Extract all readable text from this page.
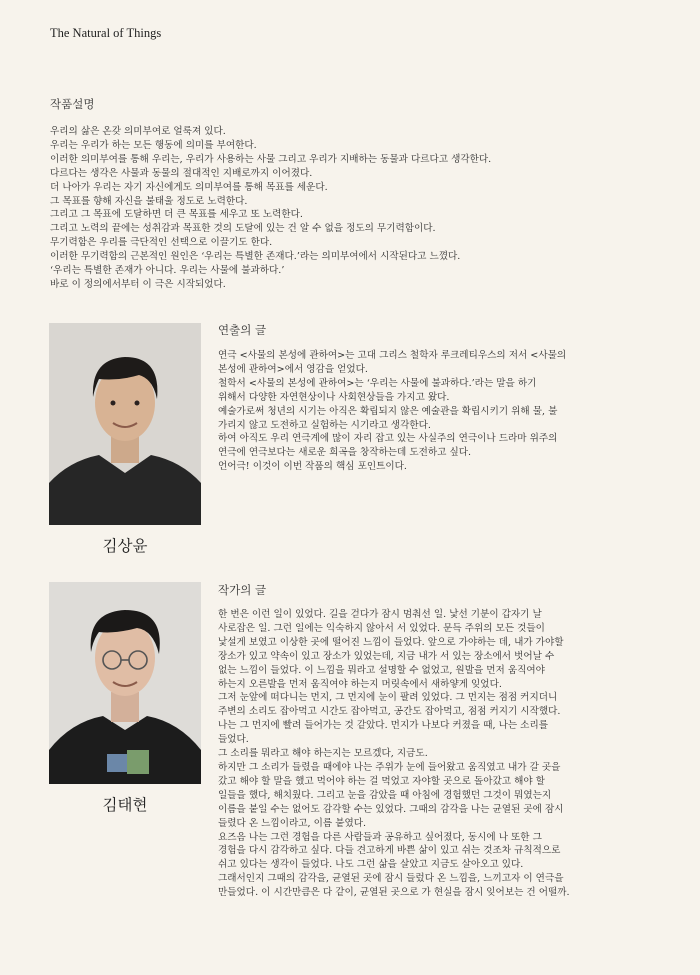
The Natural of Things
작품설명
우리의 삶은 온갖 의미부여로 얼룩져 있다.
우리는 우리가 하는 모든 행동에 의미를 부여한다.
이러한 의미부여를 통해 우리는, 우리가 사용하는 사물 그리고 우리가 지배하는 동물과 다르다고 생각한다.
다르다는 생각은 사물과 동물의 절대적인 지배로까지 이어졌다.
더 나아가 우리는 자기 자신에게도 의미부여를 통해 목표를 세운다.
그 목표를 향해 자신을 불태울 정도로 노력한다.
그리고 그 목표에 도달하면 더 큰 목표를 세우고 또 노력한다.
그리고 노력의 끝에는 성취감과 목표한 것의 도달에 있는 건 알 수 없을 정도의 무기력함이다.
무기력함은 우리를 극단적인 선택으로 이끌기도 한다.
이러한 무기력함의 근본적인 원인은 ‘우리는 특별한 존재다.’라는 의미부여에서 시작된다고 느꼈다.
‘우리는 특별한 존재가 아니다. 우리는 사물에 불과하다.’
바로 이 정의에서부터 이 극은 시작되었다.
김상윤
연출의 글
연극 <사물의 본성에 관하여>는 고대 그리스 철학자 루크레티우스의 저서 <사물의
본성에 관하여>에서 영감을 얻었다.
철학서 <사물의 본성에 관하여>는 ‘우리는 사물에 불과하다.’라는 말을 하기
위해서 다양한 자연현상이나 사회현상들을 가지고 왔다.
예술가로써 청년의 시기는 아직은 확립되지 않은 예술관을 확립시키기 위해 물, 불
가리지 않고 도전하고 실험하는 시기라고 생각한다.
하여 아직도 우리 연극계에 많이 자리 잡고 있는 사실주의 연극이나 드라마 위주의
연극에 연극보다는 새로운 희곡을 창작하는데 도전하고 싶다.
언어극! 이것이 이번 작품의 핵심 포인트이다.
김태현
작가의 글
한 번은 이런 일이 있었다. 길을 걷다가 잠시 멈춰선 일. 낯선 기분이 갑자기 날
사로잡은 일. 그런 일에는 익숙하지 않아서 서 있었다. 문득 주위의 모든 것들이
낯설게 보였고 이상한 곳에 떨어진 느낌이 들었다. 앞으로 가야하는 데, 내가 가야할
장소가 있고 약속이 있고 장소가 있었는데, 지금 내가 서 있는 장소에서 벗어날 수
없는 느낌이 들었다. 이 느낌을 뭐라고 설명할 수 없었고, 원발을 먼저 움직여야
하는지 오른발을 먼저 움직여야 하는지 머릿속에서 새하얗게 잊었다.
그저 눈앞에 떠다니는 먼지, 그 먼지에 눈이 팔려 있었다. 그 먼지는 점점 커지더니
주변의 소리도 잡아먹고 시간도 잡아먹고, 공간도 잡아먹고, 점점 커지기 시작했다.
나는 그 먼지에 빨려 들어가는 것 같았다. 먼지가 나보다 커졌을 때, 나는 소리를
들었다.
그 소리를 뭐라고 해야 하는지는 모르겠다, 지금도.
하지만 그 소리가 들렸을 때에야 나는 주위가 눈에 들어왔고 움직였고 내가 갈 곳을
갔고 해야 할 말을 했고 먹어야 하는 걸 먹었고 자야할 곳으로 돌아갔고 해야 할
일들을 했다, 해치웠다. 그리고 눈을 감았을 때 아침에 경험했던 그것이 뭐였는지
이름을 붙일 수는 없어도 감각할 수는 있었다. 그때의 감각을 나는 균열된 곳에 잠시
들렸다 온 느낌이라고, 이름 붙였다.
요즈음 나는 그런 경험을 다른 사람들과 공유하고 싶어졌다, 동시에 나 또한 그
경험을 다시 감각하고 싶다. 다들 견고하게 바쁜 삶이 있고 쉬는 것조차 규칙적으로
쉬고 있다는 생각이 들었다. 나도 그런 삶을 살았고 지금도 살아오고 있다.
그래서인지 그때의 감각을, 균열된 곳에 잠시 들렀다 온 느낌을, 느끼고자 이 연극을
만들었다. 이 시간만큼은 다 같이, 균열된 곳으로 가 현실을 잠시 잊어보는 건 어떨까.
